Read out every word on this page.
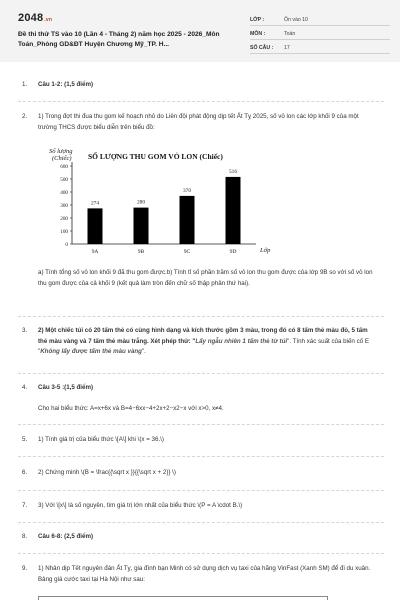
2048.vn
Đề thi thử TS vào 10 (Lần 4 - Tháng 2) năm học 2025 - 2026_Môn Toán_Phòng GD&ĐT Huyện Chương Mỹ_TP. H...
LỚP :	Ôn vào 10
MÔN :	Toán
SỐ CÂU :	17
1.	Câu 1-2: (1,5 điểm)
2.	1) Trong đợt thi đua thu gom kế hoạch nhỏ do Liên đội phát động dịp tết Ất Tỵ 2025, số vỏ lon các lớp khối 9 của một trường THCS được biểu diễn trên biểu đồ:
Số lượng
(Chiếc) SỐ LƯỢNG THU GOM VỎ LON (Chiếc)
Lớp
0
100
200
300
400
500
600
274
9A
280
9B
370
9C
516
9D
a) Tính tổng số vỏ lon khối 9 đã thu gom được.b) Tính tỉ số phần trăm số vỏ lon thu gom được của lớp 9B so với số vỏ lon thu gom được của cả khối 9 (kết quả làm tròn đến chữ số thập phân thứ hai).
3.	2) Một chiếc túi có 20 tấm thẻ có cùng hình dạng và kích thước gồm 3 màu, trong đó có 8 tấm thẻ màu đỏ, 5 tấm thẻ màu vàng và 7 tấm thẻ màu trắng. Xét phép thử: "Lấy ngẫu nhiên 1 tấm thẻ từ túi". Tính xác suất của biến cố E "Không lấy được tấm thẻ màu vàng".
4.	Câu 3-5 :(1,5 điểm)
Cho hai biểu thức: A=x+6x và B=4−6xx−4+2x+2−x2−x với x>0, x≠4.
5.	1) Tính giá trị của biểu thức \[A\] khi \(x = 36.\)
6.	2) Chứng minh \(B = \frac{{\sqrt x }}{{\sqrt x + 2}} \)
7.	3) Với \[x\] là số nguyên, tìm giá trị lớn nhất của biểu thức \(P = A \cdot B.\)
8.	Câu 6-8: (2,5 điểm)
9.	1) Nhân dịp Tết nguyên đán Ất Tỵ, gia đình bạn Minh có sử dụng dịch vụ taxi của hãng VinFast (Xanh SM) để đi du xuân. Bảng giá cước taxi tại Hà Nội như sau:
